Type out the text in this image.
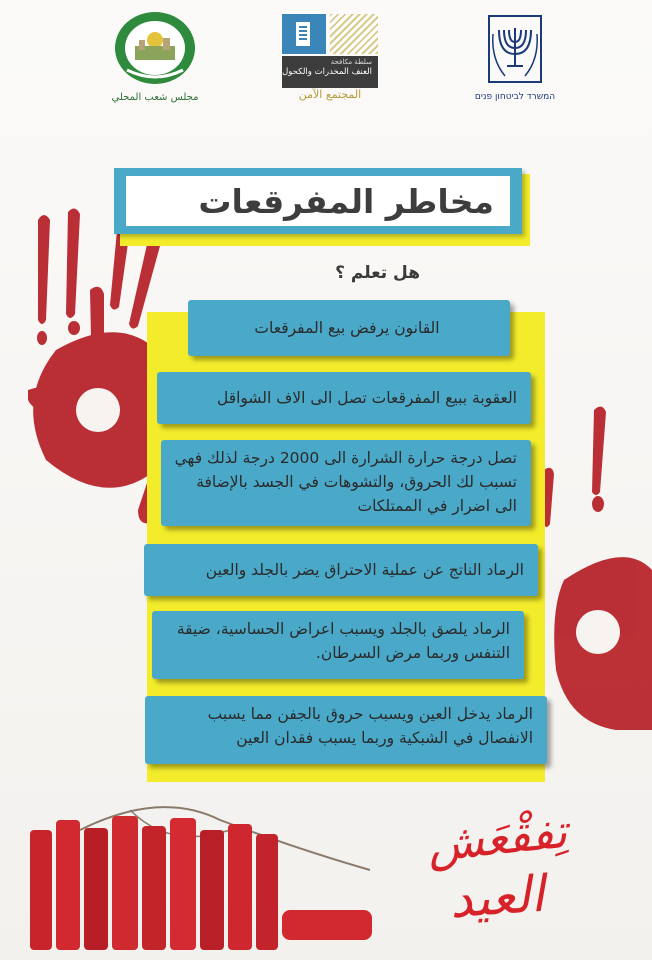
مجلس شعب المحلي
سلطة مكافحة
العنف المخدرات والكحول
المجتمع الآمن	המשרד לביטחון פנים
مخاطر المفرقعات
هل تعلم ؟
القانون يرفض بيع المفرقعات
العقوبة ببيع المفرقعات تصل الى الاف الشواقل
تصل درجة حرارة الشرارة الى 2000 درجة لذلك فهي تسبب لك الحروق، والتشوهات في الجسد بالإضافة الى اضرار في الممتلكات
الرماد الناتج عن عملية الاحتراق يضر بالجلد والعين
الرماد يلصق بالجلد ويسبب اعراض الحساسية، ضيقة التنفس وربما مرض السرطان.
الرماد يدخل العين ويسبب حروق بالجفن مما يسبب الانفصال في الشبكية وربما يسبب فقدان العين
تِفقْعَش
العيد
